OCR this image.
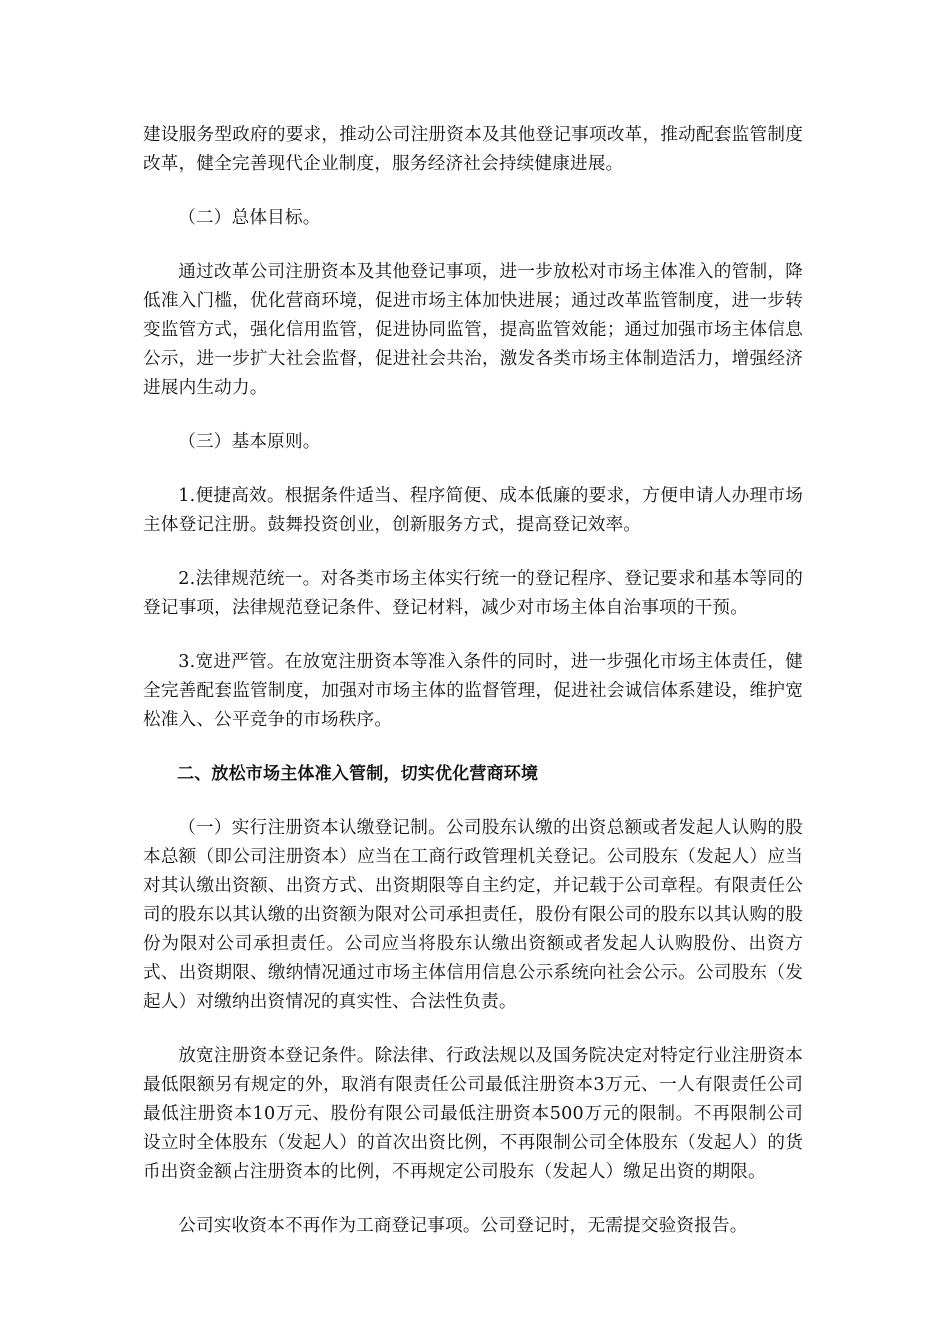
建设服务型政府的要求，推动公司注册资本及其他登记事项改革，推动配套监管制度改革，健全完善现代企业制度，服务经济社会持续健康进展。

（二）总体目标。

通过改革公司注册资本及其他登记事项，进一步放松对市场主体准入的管制，降低准入门槛，优化营商环境，促进市场主体加快进展；通过改革监管制度，进一步转变监管方式，强化信用监管，促进协同监管，提高监管效能；通过加强市场主体信息公示，进一步扩大社会监督，促进社会共治，激发各类市场主体制造活力，增强经济进展内生动力。

（三）基本原则。

1.便捷高效。根据条件适当、程序简便、成本低廉的要求，方便申请人办理市场主体登记注册。鼓舞投资创业，创新服务方式，提高登记效率。

2.法律规范统一。对各类市场主体实行统一的登记程序、登记要求和基本等同的登记事项，法律规范登记条件、登记材料，减少对市场主体自治事项的干预。

3.宽进严管。在放宽注册资本等准入条件的同时，进一步强化市场主体责任，健全完善配套监管制度，加强对市场主体的监督管理，促进社会诚信体系建设，维护宽松准入、公平竞争的市场秩序。

二、放松市场主体准入管制，切实优化营商环境

（一）实行注册资本认缴登记制。公司股东认缴的出资总额或者发起人认购的股本总额（即公司注册资本）应当在工商行政管理机关登记。公司股东（发起人）应当对其认缴出资额、出资方式、出资期限等自主约定，并记载于公司章程。有限责任公司的股东以其认缴的出资额为限对公司承担责任，股份有限公司的股东以其认购的股份为限对公司承担责任。公司应当将股东认缴出资额或者发起人认购股份、出资方式、出资期限、缴纳情况通过市场主体信用信息公示系统向社会公示。公司股东（发起人）对缴纳出资情况的真实性、合法性负责。

放宽注册资本登记条件。除法律、行政法规以及国务院决定对特定行业注册资本最低限额另有规定的外，取消有限责任公司最低注册资本3万元、一人有限责任公司最低注册资本10万元、股份有限公司最低注册资本500万元的限制。不再限制公司设立时全体股东（发起人）的首次出资比例，不再限制公司全体股东（发起人）的货币出资金额占注册资本的比例，不再规定公司股东（发起人）缴足出资的期限。

公司实收资本不再作为工商登记事项。公司登记时，无需提交验资报告。
